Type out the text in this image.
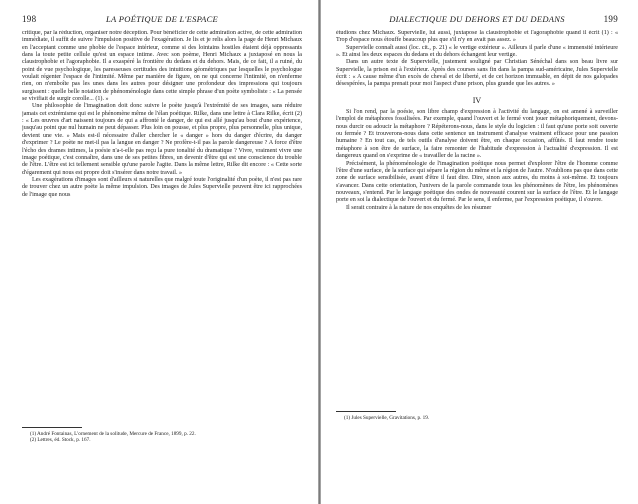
198	LA POÉTIQUE DE L'ESPACE

critique, par la réduction, organiser notre déception. Pour bénéficier de cette admiration active, de cette admiration immédiate, il suffit de suivre l'impulsion positive de l'exagération. Je lis et je relis alors la page de Henri Michaux en l'acceptant comme une phobie de l'espace intérieur, comme si des lointains hostiles étaient déjà oppressants dans la toute petite cellule qu'est un espace intime. Avec son poème, Henri Michaux a juxtaposé en nous la claustrophobie et l'agoraphobie. Il a exaspéré la frontière du dedans et du dehors. Mais, de ce fait, il a ruiné, du point de vue psychologique, les paresseuses certitudes des intuitions géométriques par lesquelles le psychologue voulait régenter l'espace de l'intimité. Même par manière de figure, on ne qui concerne l'intimité, on n'enferme rien, on n'emboîte pas les unes dans les autres pour désigner une profondeur des impressions qui toujours surgissent : quelle belle notation de phénoménologie dans cette simple phrase d'un poète symboliste : « La pensée se vivifiait de surgir corolle... (1). »

Une philosophie de l'imagination doit donc suivre le poète jusqu'à l'extrémité de ses images, sans réduire jamais cet extrémisme qui est le phénomène même de l'élan poétique. Rilke, dans une lettre à Clara Rilke, écrit (2) : « Les œuvres d'art naissent toujours de qui a affronté le danger, de qui est allé jusqu'au bout d'une expérience, jusqu'au point que nul humain ne peut dépasser. Plus loin on pousse, et plus propre, plus personnelle, plus unique, devient une vie. » Mais est-il nécessaire d'aller chercher le « danger » hors du danger d'écrire, du danger d'exprimer ? Le poète ne met-il pas la langue en danger ? Ne profère-t-il pas la parole dangereuse ? A force d'être l'écho des drames intimes, la poésie n'a-t-elle pas reçu la pure tonalité du dramatique ? Vivre, vraiment vivre une image poétique, c'est connaître, dans une de ses petites fibres, un devenir d'être qui est une conscience du trouble de l'être. L'être est ici tellement sensible qu'une parole l'agite. Dans la même lettre, Rilke dit encore : « Cette sorte d'égarement qui nous est propre doit s'insérer dans notre travail. »

Les exagérations d'images sont d'ailleurs si naturelles que malgré toute l'originalité d'un poète, il n'est pas rare de trouver chez un autre poète la même impulsion. Des images de Jules Supervielle peuvent être ici rapprochées de l'image que nous

(1) André Fontainas, L'ornement de la solitude, Mercure de France, 1899, p. 22.

(2) Lettres, éd. Stock, p. 167.

DIALECTIQUE DU DEHORS ET DU DEDANS	199

étudions chez Michaux. Supervielle, lui aussi, juxtapose la claustrophobie et l'agoraphobie quand il écrit (1) : « Trop d'espace nous étouffe beaucoup plus que s'il n'y en avait pas assez. »

Supervielle connaît aussi (loc. cit., p. 21) « le vertige extérieur ». Ailleurs il parle d'une « immensité intérieure ». Et ainsi les deux espaces du dedans et du dehors échangent leur vertige.

Dans un autre texte de Supervielle, justement souligné par Christian Sénéchal dans son beau livre sur Supervielle, la prison est à l'extérieur. Après des courses sans fin dans la pampa sud-américaine, Jules Supervielle écrit : « A cause même d'un excès de cheval et de liberté, et de cet horizon immuable, en dépit de nos galopades désespérées, la pampa prenait pour moi l'aspect d'une prison, plus grande que les autres. »

IV

Si l'on rend, par la poésie, son libre champ d'expression à l'activité du langage, on est amené à surveiller l'emploi de métaphores fossilisées. Par exemple, quand l'ouvert et le fermé vont jouer métaphoriquement, devons-nous durcir ou adoucir la métaphore ? Répéterons-nous, dans le style du logicien : il faut qu'une porte soit ouverte ou fermée ? Et trouverons-nous dans cette sentence un instrument d'analyse vraiment efficace pour une passion humaine ? En tout cas, de tels outils d'analyse doivent être, en chaque occasion, affûtés. Il faut rendre toute métaphore à son être de surface, la faire remonter de l'habitude d'expression à l'actualité d'expression. Il est dangereux quand on s'exprime de « travailler de la racine ».

Précisément, la phénoménologie de l'imagination poétique nous permet d'explorer l'être de l'homme comme l'être d'une surface, de la surface qui sépare la région du même et la région de l'autre. N'oublions pas que dans cette zone de surface sensibilisée, avant d'être il faut dire. Dire, sinon aux autres, du moins à soi-même. Et toujours s'avancer. Dans cette orientation, l'univers de la parole commande tous les phénomènes de l'être, les phénomènes nouveaux, s'entend. Par le langage poétique des ondes de nouveauté courent sur la surface de l'être. Et le langage porte en soi la dialectique de l'ouvert et du fermé. Par le sens, il enferme, par l'expression poétique, il s'ouvre.

Il serait contraire à la nature de nos enquêtes de les résumer

(1) Jules Supervielle, Gravitations, p. 19.
